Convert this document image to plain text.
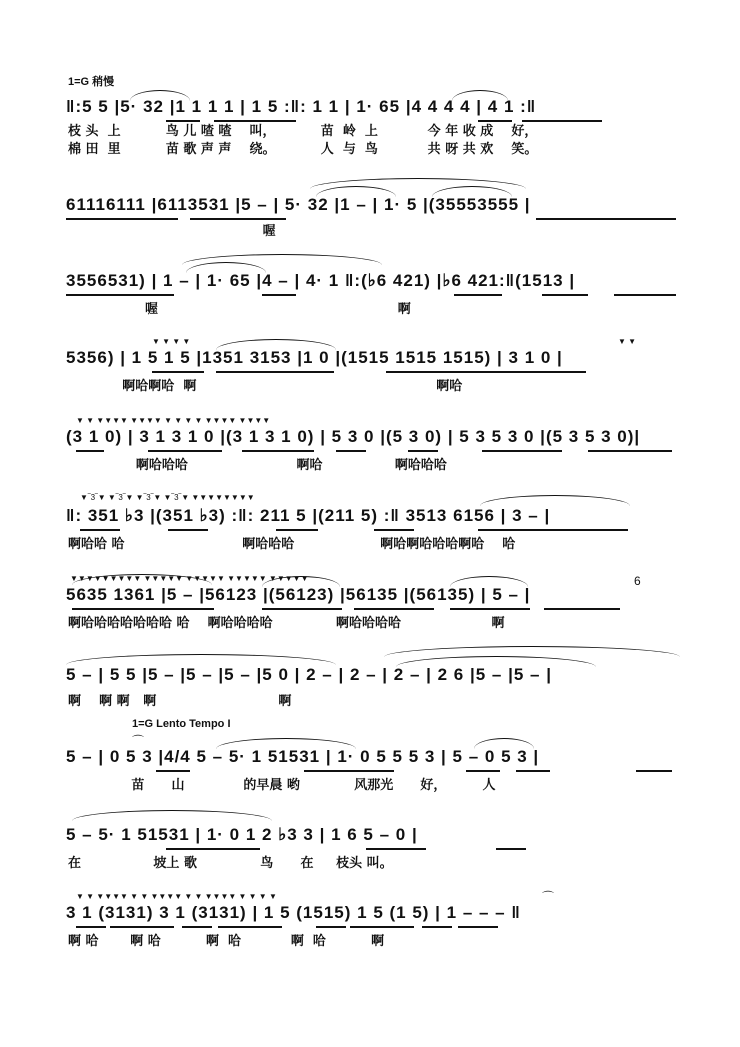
1=G 稍慢
‖:5 5 |5· 32 |1 1 1 1 | 1 5 :‖: 1 1 | 1· 65 |4 4 4 4 | 4 1 :‖
枝 头  上          鸟 儿 喳 喳    叫，          苗  岭  上           今 年 收 成    好，
棉 田  里          苗 歌 声 声    绕。          人  与  鸟           共 呀 共 欢    笑。
61116111 |6113531 |5 – | 5· 32 |1 – | 1· 5 |(35553555 |
喔
3556531) | 1 – | 1· 65 |4 – | 4· 1 ‖:(♭6 421) |♭6 421:‖(1513 |
喔                                                     啊
▼ ▼ ▼ ▼	▼ ▼
5356) | 1 5 1 5 |1351 3153 |1 0 |(1515 1515 1515) | 3 1 0 |
啊哈啊哈  啊                                                     啊哈
▼ ▼ ▼▼▼▼ ▼▼▼▼ ▼ ▼ ▼ ▼ ▼▼▼▼ ▼▼▼▼
(3 1 0) | 3 1 3 1 0 |(3 1 3 1 0) | 5 3 0 |(5 3 0) | 5 3 5 3 0 |(5 3 5 3 0)|
啊哈哈哈                        啊哈                啊哈哈哈
▼‾3‾▼ ▼‾3‾▼ ▼‾3‾▼ ▼‾3‾▼ ▼▼▼▼▼▼▼▼
‖: 351 ♭3 |(351 ♭3) :‖: 211 5 |(211 5) :‖ 3513 6156 | 3 – |
啊哈哈 哈                          啊哈哈哈                   啊哈啊哈哈哈啊哈    哈
▼▼▼▼▼▼▼▼▼ ▼▼▼▼▼ ▼▼▼▼▼ ▼▼▼▼▼ ▼▼▼▼▼	6
5635 1361 |5 – |56123 |(56123) |56135 |(56135) | 5 – |
啊哈哈哈哈哈哈哈 哈    啊哈哈哈哈              啊哈哈哈哈                    啊
5 – | 5 5 |5 – |5 – |5 – |5 0 | 2 – | 2 – | 2 – | 2 6 |5 – |5 – |
啊    啊 啊   啊                           啊
1=G Lento Tempo I
⌒
5 – | 0 5 3 |4/4 5 – 5· 1 51531 | 1· 0 5 5 5 3 | 5 – 0 5 3 |
苗      山             的早晨 哟            风那光      好，        人
5 – 5· 1 51531 | 1· 0 1 2 ♭3 3 | 1 6 5 – 0 |
在                坡上 歌              鸟      在     枝头 叫。
▼ ▼ ▼▼▼▼ ▼ ▼ ▼▼▼▼ ▼ ▼ ▼▼▼▼ ▼ ▼ ▼ ▼	⌒
3 1 (3131) 3 1 (3131) | 1 5 (1515) 1 5 (1 5) | 1 – – – ‖
啊 哈       啊 哈          啊  哈           啊  哈          啊
